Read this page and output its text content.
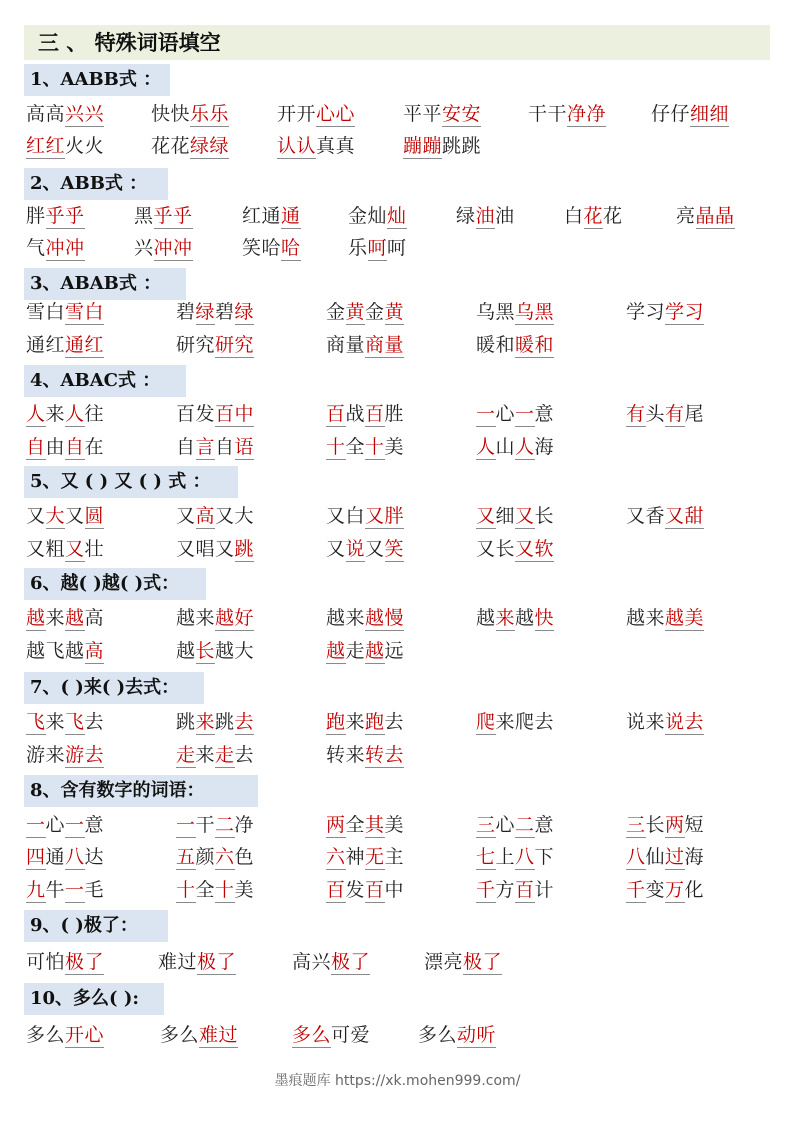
三 、 特殊词语填空
1、AABB式 ：
高高兴兴 快快乐乐	开开心心	平平安安 干干净净 仔仔细细
红红火火 花花绿绿	认认真真	蹦蹦跳跳
2、ABB式 ：
胖乎乎	黑乎乎	红通通 金灿灿	绿油油	白花花	亮晶晶
气冲冲	兴冲冲	笑哈哈 乐呵呵
3、ABAB式 ：
雪白雪白	碧绿碧绿	金黄金黄	乌黑乌黑	学习学习
通红通红	研究研究	商量商量	暖和暖和
4、ABAC式 ：
人来人往	百发百中	百战百胜	一心一意	有头有尾
自由自在	自言自语	十全十美	人山人海
5、又 ( ) 又 ( ) 式 ：
又大又圆	又高又大	又白又胖	又细又长	又香又甜
又粗又壮	又唱又跳	又说又笑	又长又软
6、越( )越( )式：
越来越高	越来越好	越来越慢	越来越快	越来越美
越飞越高	越长越大	越走越远
7、( )来( )去式：
飞来飞去	跳来跳去	跑来跑去	爬来爬去	说来说去
游来游去	走来走去	转来转去
8、含有数字的词语：
一心一意	一干二净	两全其美	三心二意	三长两短
四通八达	五颜六色	六神无主	七上八下	八仙过海
九牛一毛	十全十美	百发百中	千方百计	千变万化
9、( )极了：
可怕极了	难过极了	高兴极了	漂亮极了
10、多么( ):
多么开心	多么难过	多么可爱	多么动听
墨痕题库 https://xk.mohen999.com/
